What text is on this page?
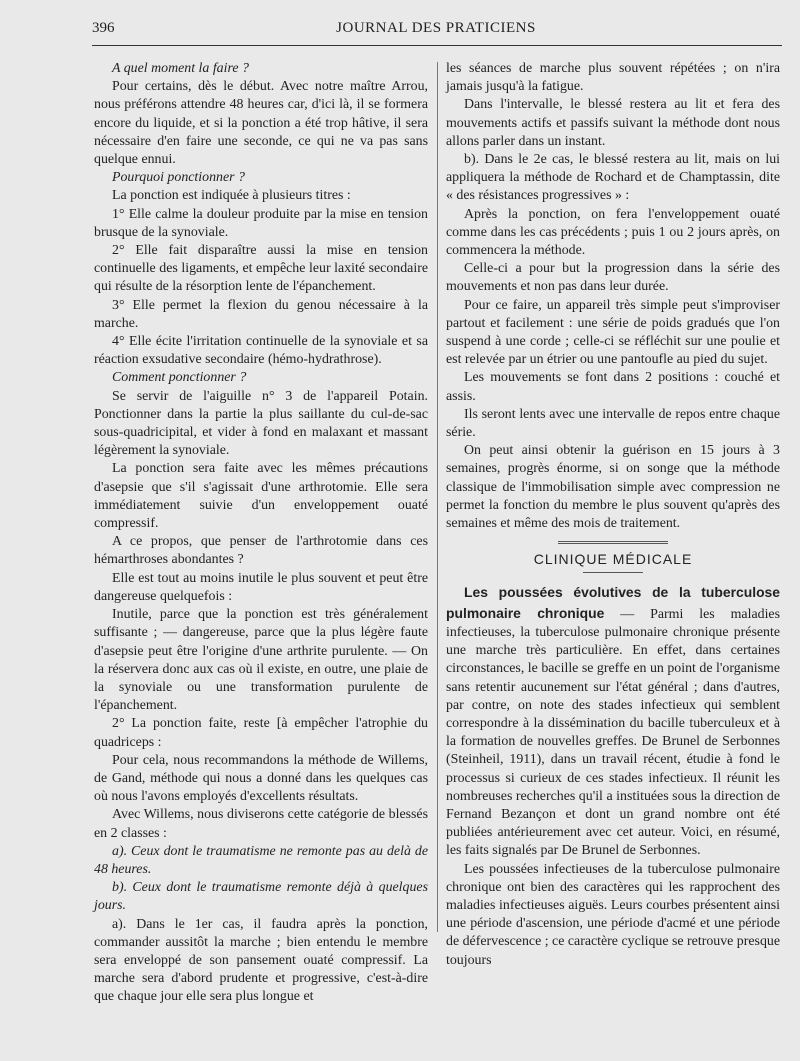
396	JOURNAL DES PRATICIENS

A quel moment la faire ?

Pour certains, dès le début. Avec notre maître Arrou, nous préférons attendre 48 heures car, d'ici là, il se formera encore du liquide, et si la ponction a été trop hâtive, il sera nécessaire d'en faire une seconde, ce qui ne va pas sans quelque ennui.

Pourquoi ponctionner ?

La ponction est indiquée à plusieurs titres :

1° Elle calme la douleur produite par la mise en tension brusque de la synoviale.

2° Elle fait disparaître aussi la mise en tension continuelle des ligaments, et empêche leur laxité secondaire qui résulte de la résorption lente de l'épanchement.

3° Elle permet la flexion du genou nécessaire à la marche.

4° Elle écite l'irritation continuelle de la synoviale et sa réaction exsudative secondaire (hémo-hydrathrose).

Comment ponctionner ?

Se servir de l'aiguille n° 3 de l'appareil Potain. Ponctionner dans la partie la plus saillante du cul-de-sac sous-quadricipital, et vider à fond en malaxant et massant légèrement la synoviale.

La ponction sera faite avec les mêmes précautions d'asepsie que s'il s'agissait d'une arthrotomie. Elle sera immédiatement suivie d'un enveloppement ouaté compressif.

A ce propos, que penser de l'arthrotomie dans ces hémarthroses abondantes ?

Elle est tout au moins inutile le plus souvent et peut être dangereuse quelquefois :

Inutile, parce que la ponction est très généralement suffisante ; — dangereuse, parce que la plus légère faute d'asepsie peut être l'origine d'une arthrite purulente. — On la réservera donc aux cas où il existe, en outre, une plaie de la synoviale ou une transformation purulente de l'épanchement.

2° La ponction faite, reste [à empêcher l'atrophie du quadriceps :

Pour cela, nous recommandons la méthode de Willems, de Gand, méthode qui nous a donné dans les quelques cas où nous l'avons employés d'excellents résultats.

Avec Willems, nous diviserons cette catégorie de blessés en 2 classes :

a). Ceux dont le traumatisme ne remonte pas au delà de 48 heures.

b). Ceux dont le traumatisme remonte déjà à quelques jours.

a). Dans le 1er cas, il faudra après la ponction, commander aussitôt la marche ; bien entendu le membre sera enveloppé de son pansement ouaté compressif. La marche sera d'abord prudente et progressive, c'est-à-dire que chaque jour elle sera plus longue et

les séances de marche plus souvent répétées ; on n'ira jamais jusqu'à la fatigue.

Dans l'intervalle, le blessé restera au lit et fera des mouvements actifs et passifs suivant la méthode dont nous allons parler dans un instant.

b). Dans le 2e cas, le blessé restera au lit, mais on lui appliquera la méthode de Rochard et de Champtassin, dite « des résistances progressives » :

Après la ponction, on fera l'enveloppement ouaté comme dans les cas précédents ; puis 1 ou 2 jours après, on commencera la méthode.

Celle-ci a pour but la progression dans la série des mouvements et non pas dans leur durée.

Pour ce faire, un appareil très simple peut s'improviser partout et facilement : une série de poids gradués que l'on suspend à une corde ; celle-ci se réfléchit sur une poulie et est relevée par un étrier ou une pantoufle au pied du sujet.

Les mouvements se font dans 2 positions : couché et assis.

Ils seront lents avec une intervalle de repos entre chaque série.

On peut ainsi obtenir la guérison en 15 jours à 3 semaines, progrès énorme, si on songe que la méthode classique de l'immobilisation simple avec compression ne permet la fonction du membre le plus souvent qu'après des semaines et même des mois de traitement.

CLINIQUE MÉDICALE

Les poussées évolutives de la tuberculose pulmonaire chronique — Parmi les maladies infectieuses, la tuberculose pulmonaire chronique présente une marche très particulière. En effet, dans certaines circonstances, le bacille se greffe en un point de l'organisme sans retentir aucunement sur l'état général ; dans d'autres, par contre, on note des stades infectieux qui semblent correspondre à la dissémination du bacille tuberculeux et à la formation de nouvelles greffes. De Brunel de Serbonnes (Steinheil, 1911), dans un travail récent, étudie à fond le processus si curieux de ces stades infectieux. Il réunit les nombreuses recherches qu'il a instituées sous la direction de Fernand Bezançon et dont un grand nombre ont été publiées antérieurement avec cet auteur. Voici, en résumé, les faits signalés par De Brunel de Serbonnes.

Les poussées infectieuses de la tuberculose pulmonaire chronique ont bien des caractères qui les rapprochent des maladies infectieuses aiguës. Leurs courbes présentent ainsi une période d'ascension, une période d'acmé et une période de défervescence ; ce caractère cyclique se retrouve presque toujours
